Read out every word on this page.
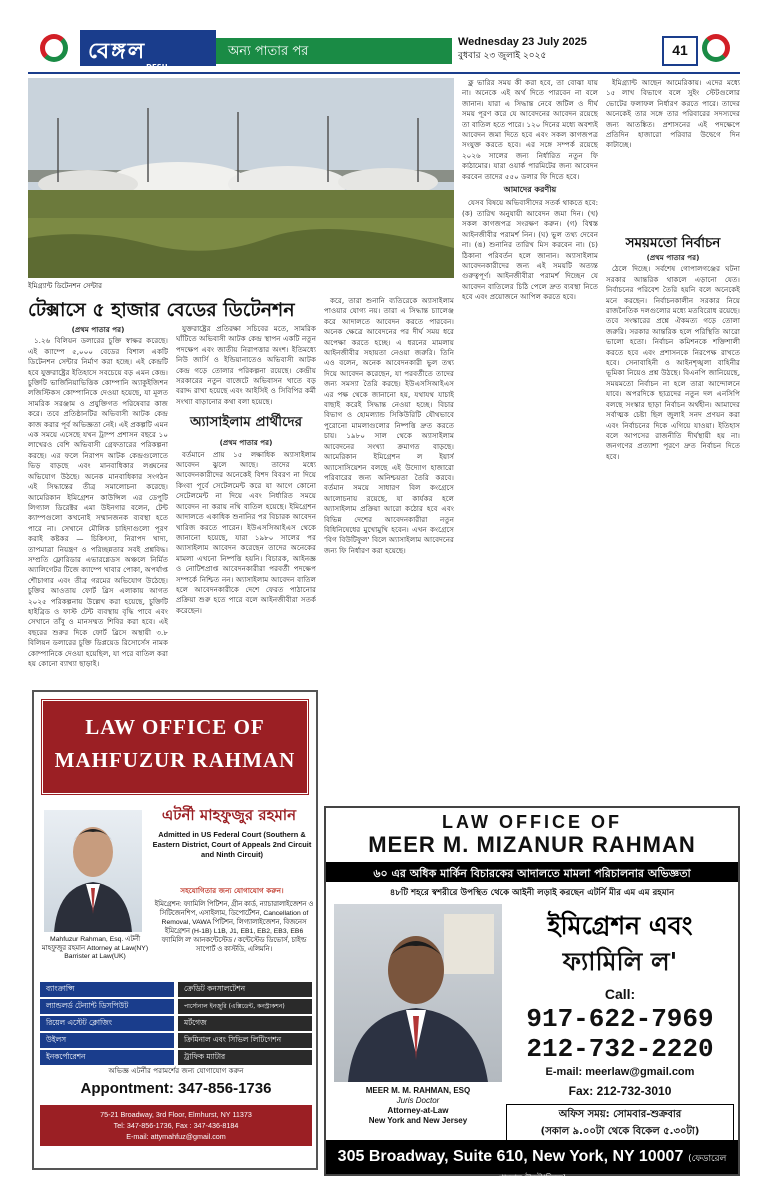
বেঙ্গলDESH
অন্য পাতার পর
Wednesday 23 July 2025
বুধবার ২৩ জুলাই ২০২৫	41
ইমিগ্র্যান্ট ডিটেনশন সেন্টার
টেক্সাসে ৫ হাজার বেডের ডিটেনশন
(প্রথম পাতার পর)

১.২৬ বিলিয়ন ডলারের চুক্তি স্বাক্ষর করেছে। এই ক্যাম্পে ৫,০০০ বেডের বিশাল একটি ডিটেনশন সেন্টার নির্মাণ করা হচ্ছে। এই কেন্দ্রটি হবে যুক্তরাষ্ট্রের ইতিহাসে সবচেয়ে বড় এমন কেন্দ্র। চুক্তিটি ভার্জিনিয়াভিত্তিক কোম্পানি অ্যাকুইজিশন লজিস্টিকস কোম্পানিকে দেওয়া হয়েছে, যা মূলত সামরিক সরঞ্জাম ও প্রযুক্তিগত পরিষেবার কাজ করে। তবে প্রতিষ্ঠানটির অভিবাসী আটক কেন্দ্র কাজ করার পূর্ব অভিজ্ঞতা নেই। এই প্রকল্পটি এমন এক সময়ে এসেছে যখন ট্রাম্প প্রশাসন বছরে ১০ লাখেরও বেশি অভিবাসী গ্রেফতারের পরিকল্পনা করছে। এর ফলে নিরাপদ আটক কেন্দ্রগুলোতে ভিড় বাড়ছে এবং মানবাধিকার লঙ্ঘনের অভিযোগ উঠছে। অনেক মানবাধিকার সংগঠন এই সিদ্ধান্তের তীব্র সমালোচনা করেছে। আমেরিকান ইমিগ্রেশন কাউন্সিল এর ডেপুটি লিগ্যাল ডিরেক্টর এমা উইনগার বলেন, টেন্ট ক্যাম্পগুলো কখনোই সম্মানজনক ব্যবস্থা হতে পারে না। সেখানে মৌলিক চাহিদাগুলো পূরণ করাই কষ্টকর — চিকিৎসা, নিরাপদ খাদ্য, তাপমাত্রা নিয়ন্ত্রণ ও পরিচ্ছন্নতার সবই প্রশ্নবিদ্ধ। সম্প্রতি ফ্লোরিডার এভারগ্লেডস অঞ্চলে নির্মিত অ্যালিগেটর টিজে ক্যাম্পে খাবার পোকা, অপর্যাপ্ত শৌচাগার এবং তীব্র গরমের অভিযোগ উঠেছে। চুক্তির আওতায় ফোর্ট ব্লিস এলাকায় আগত ২০২৫ পরিকল্পনায় উল্লেখ করা হয়েছে, চুক্তিটি হাইব্রিড ও ফাস্ট টেন্ট ব্যবস্থায় বৃদ্ধি পাবে এবং সেখানে তাঁবু ও মানসম্মত শিবির করা হবে। এই বছরের শুরুর দিকে ফোর্ট ব্লিসে অস্থায়ী ৩.৮ বিলিয়ন ডলারের চুক্তি ডিপ্লয়েড রিসোর্সেস নামক কোম্পানিকে দেওয়া হয়েছিল, যা পরে বাতিল করা হয় কোনো ব্যাখ্যা ছাড়াই।

যুক্তরাষ্ট্রের প্রতিরক্ষা সচিবের মতে, সামরিক ঘাঁটিতে অভিবাসী আটক কেন্দ্র স্থাপন একটি নতুন পদক্ষেপ এবং জাতীয় নিরাপত্তার অংশ। ইতিমধ্যে নিউ জার্সি ও ইন্ডিয়ানাতেও অভিবাসী আটক কেন্দ্র গড়ে তোলার পরিকল্পনা রয়েছে। কেন্দ্রীয় সরকারের নতুন বাজেটে অভিবাসন খাতে বড় বরাদ্দ রাখা হয়েছে এবং আইসিই ও সিবিপির কর্মী সংখ্যা বাড়ানোর কথা বলা হয়েছে।

অ্যাসাইলাম প্রার্থীদের
(প্রথম পাতার পর)

বর্তমানে প্রায় ১৫ লক্ষাধিক অ্যাসাইলাম আবেদন ঝুলে আছে। তাদের মধ্যে আবেদনকারীদের অনেকেই বিশদ বিবরণ না দিয়ে কিংবা পূর্বে সেটেলমেন্ট করে যা আগে কোনো সেটেলমেন্ট না দিয়ে এবং নির্ধারিত সময়ে আবেদন না করায় নথি বাতিল হয়েছে। ইমিগ্রেশন আদালতে একাধিক শুনানির পর বিচারক আবেদন খারিজ করতে পারেন। ইউএসসিআইএস থেকে জানানো হয়েছে, যারা ১৯৮০ সালের পর অ্যাসাইলাম আবেদন করেছেন তাদের অনেকের মামলা এখনো নিষ্পত্তি হয়নি। বিচারক, আইনজ্ঞ ও নোটিশপ্রাপ্ত আবেদনকারীরা পরবর্তী পদক্ষেপ সম্পর্কে নিশ্চিত নন। অ্যাসাইলাম আবেদন বাতিল হলে আবেদনকারীকে দেশে ফেরত পাঠানোর প্রক্রিয়া শুরু হতে পারে বলে আইনজীবীরা সতর্ক করেছেন।

করে, তারা শুনানি ব্যতিরেকে অ্যাসাইলাম পাওয়ার যোগ্য নয়। তারা এ সিদ্ধান্ত চ্যালেঞ্জ করে আদালতে আবেদন করতে পারবেন। অনেক ক্ষেত্রে আবেদনের পর দীর্ঘ সময় ধরে অপেক্ষা করতে হচ্ছে। এ ধরনের মামলায় আইনজীবীর সহায়তা নেওয়া জরুরি। তিনি এও বলেন, অনেক আবেদনকারী ভুল তথ্য দিয়ে আবেদন করেছেন, যা পরবর্তীতে তাদের জন্য সমস্যা তৈরি করছে। ইউএসসিআইএস এর পক্ষ থেকে জানানো হয়, যথাযথ যাচাই বাছাই করেই সিদ্ধান্ত নেওয়া হচ্ছে। বিচার বিভাগ ও হোমল্যান্ড সিকিউরিটি যৌথভাবে পুরোনো মামলাগুলোর নিষ্পত্তি দ্রুত করতে চায়। ১৯৮০ সাল থেকে অ্যাসাইলাম আবেদনের সংখ্যা ক্রমাগত বাড়ছে। আমেরিকান ইমিগ্রেশন ল ইয়ার্স অ্যাসোসিয়েশন বলছে এই উদ্যোগ হাজারো পরিবারের জন্য অনিশ্চয়তা তৈরি করবে। বর্তমান সময়ে সাধারণ বিল কংগ্রেসে আলোচনায় রয়েছে, যা কার্যকর হলে অ্যাসাইলাম প্রক্রিয়া আরো কঠোর হবে এবং বিভিন্ন দেশের আবেদনকারীরা নতুন বিধিনিষেধের মুখোমুখি হবেন। এখন কংগ্রেসে 'বিগ বিউটিফুল' বিলে অ্যাসাইলাম আবেদনের জন্য ফি নির্ধারণ করা হয়েছে।

ক্লু ভারির সময় কী করা হবে, তা বোঝা যায় না। অনেকে এই অর্থ দিতে পারবেন না বলে জানান। যারা এ সিদ্ধান্ত নেবে জটিল ও দীর্ঘ সময় পূরণ করে যে আবেদনের আবেদন রয়েছে তা বাতিল হতে পারে। ১২০ দিনের মধ্যে অবশ্যই আবেদন জমা দিতে হবে এবং সকল কাগজপত্র সংযুক্ত করতে হবে। এর সঙ্গে সম্পর্ক রয়েছে ২০২৬ সালের জন্য নির্ধারিত নতুন ফি কাঠামোর। যারা ওয়ার্ক পারমিটের জন্য আবেদন করবেন তাদের ৫৫০ ডলার ফি দিতে হবে।

আমাদের করণীয়

যেসব বিষয়ে অভিবাসীদের সতর্ক থাকতে হবে: (ক) তারিখ অনুযায়ী আবেদন জমা দিন। (খ) সকল কাগজপত্র সংরক্ষণ করুন। (গ) বিশ্বস্ত আইনজীবীর পরামর্শ নিন। (ঘ) ভুল তথ্য দেবেন না। (ঙ) শুনানির তারিখ মিস করবেন না। (চ) ঠিকানা পরিবর্তন হলে জানান। অ্যাসাইলাম আবেদনকারীদের জন্য এই সময়টি অত্যন্ত গুরুত্বপূর্ণ। আইনজীবীরা পরামর্শ দিচ্ছেন যে আবেদন বাতিলের চিঠি পেলে দ্রুত ব্যবস্থা নিতে হবে এবং প্রয়োজনে আপিল করতে হবে।

ইমিগ্র্যান্ট আছেন আমেরিকায়। এদের মধ্যে ১৫ লাখ বিভাগে বলে সুইং স্টেটগুলোর ভোটের ফলাফল নির্ধারণ করতে পারে। তাদের অনেকেই তার সঙ্গে তার পরিবারের সদস্যদের জন্য আতঙ্কিত। প্রশাসনের এই পদক্ষেপে প্রতিদিন হাজারো পরিবার উদ্বেগে দিন কাটাচ্ছে।

সময়মতো নির্বাচন
(প্রথম পাতার পর)

ঠেলে দিচ্ছে। সর্বশেষ গোপালগঞ্জের ঘটনা সরকার আন্তরিক থাকলে এড়ানো যেত। নির্বাচনের পরিবেশ তৈরি হয়নি বলে অনেকেই মনে করছেন। নির্বাচনকালীন সরকার নিয়ে রাজনৈতিক দলগুলোর মধ্যে মতবিরোধ রয়েছে। তবে সংস্কারের প্রশ্নে ঐকমত্য গড়ে তোলা জরুরি। সরকার আন্তরিক হলে পরিস্থিতি আরো ভালো হতো। নির্বাচন কমিশনকে শক্তিশালী করতে হবে এবং প্রশাসনকে নিরপেক্ষ রাখতে হবে। সেনাবাহিনী ও আইনশৃঙ্খলা বাহিনীর ভূমিকা নিয়েও প্রশ্ন উঠছে। বিএনপি জানিয়েছে, সময়মতো নির্বাচন না হলে তারা আন্দোলনে যাবে। অপরদিকে ছাত্রদের নতুন দল এনসিপি বলছে সংস্কার ছাড়া নির্বাচন অর্থহীন। আমাদের সর্বাত্মক চেষ্টা ছিল জুলাই সনদ প্রণয়ন করা এবং নির্বাচনের দিকে এগিয়ে যাওয়া। ইতিহাস বলে আপসের রাজনীতি দীর্ঘস্থায়ী হয় না। জনগণের প্রত্যাশা পূরণে দ্রুত নির্বাচন দিতে হবে।

LAW OFFICE OF
MAHFUZUR RAHMAN
Mahfuzur Rahman, Esq. এটর্নী মাহফুজুর রহমান Attorney at Law(NY) Barrister at Law(UK)
এটর্নী মাহফুজুর রহমান
Admitted in US Federal Court (Southern & Eastern District, Court of Appeals 2nd Circuit and Ninth Circuit)
সহযোগিতার জন্য যোগাযোগ করুন।
ইমিগ্রেশন: ফ্যামিলি পিটিশন, গ্রীন কার্ড, ন্যাচারালাইজেশন ও সিটিজেনশিপ, এসাইলাম, ডিপোর্টেশন, Cancellation of Removal, VAWA পিটিশন, লিগ্যালাইজেশন, বিজনেস ইমিগ্রেশন (H-1B) L1B, J1, EB1, EB2, EB3, EB6 ফ্যামিলি ল' আনকন্টেস্টেড / কন্টেস্টেড ডিভোর্স, চাইল্ড সাপোর্ট ও কাস্টডি, এলিমনি।
ব্যাংক্রাপ্সি	ক্রেডিট কনসালটেশন
ল্যান্ডলর্ড টেন্যান্ট ডিসপিউট	পার্সোনাল ইনজুরি (এক্সিডেন্ট, কনস্ট্রাকশন)
রিয়েল এস্টেট ক্লোজিং	মর্টগেজ
উইলস	ক্রিমিনাল এবং সিভিল লিটিগেশন
ইনকর্পোরেশন	ট্রাফিক ম্যাটার
অভিজ্ঞ এটর্নীর পরামর্শের জন্য যোগাযোগ করুন
Appontment: 347-856-1736
75-21 Broadway, 3rd Floor, Elmhurst, NY 11373
Tel: 347-856-1736, Fax : 347-436-8184
E-mail: attymahfuz@gmail.com
LAW OFFICE OF
MEER M. MIZANUR RAHMAN
৬০ এর অধিক মার্কিন বিচারকের আদালতে মামলা পরিচালনার অভিজ্ঞতা
৪৮টি শহরে স্বশরীরে উপস্থিত থেকে আইনী লড়াই করছেন এটর্নি মীর এম এম রহমান
ইমিগ্রেশন এবং
ফ্যামিলি ল'
Call:
917-622-7969
212-732-2220
E-mail: meerlaw@gmail.com
Fax: 212-732-3010
MEER M. M. RAHMAN, ESQ
Juris Doctor
Attorney-at-Law
New York and New Jersey
অফিস সময়: সোমবার-শুক্রবার
(সকাল ৯.০০টা থেকে বিকেল ৫.৩০টা)
305 Broadway, Suite 610, New York, NY 10007 (ফেডারেল প্লাজার উল্টোদিকে)
